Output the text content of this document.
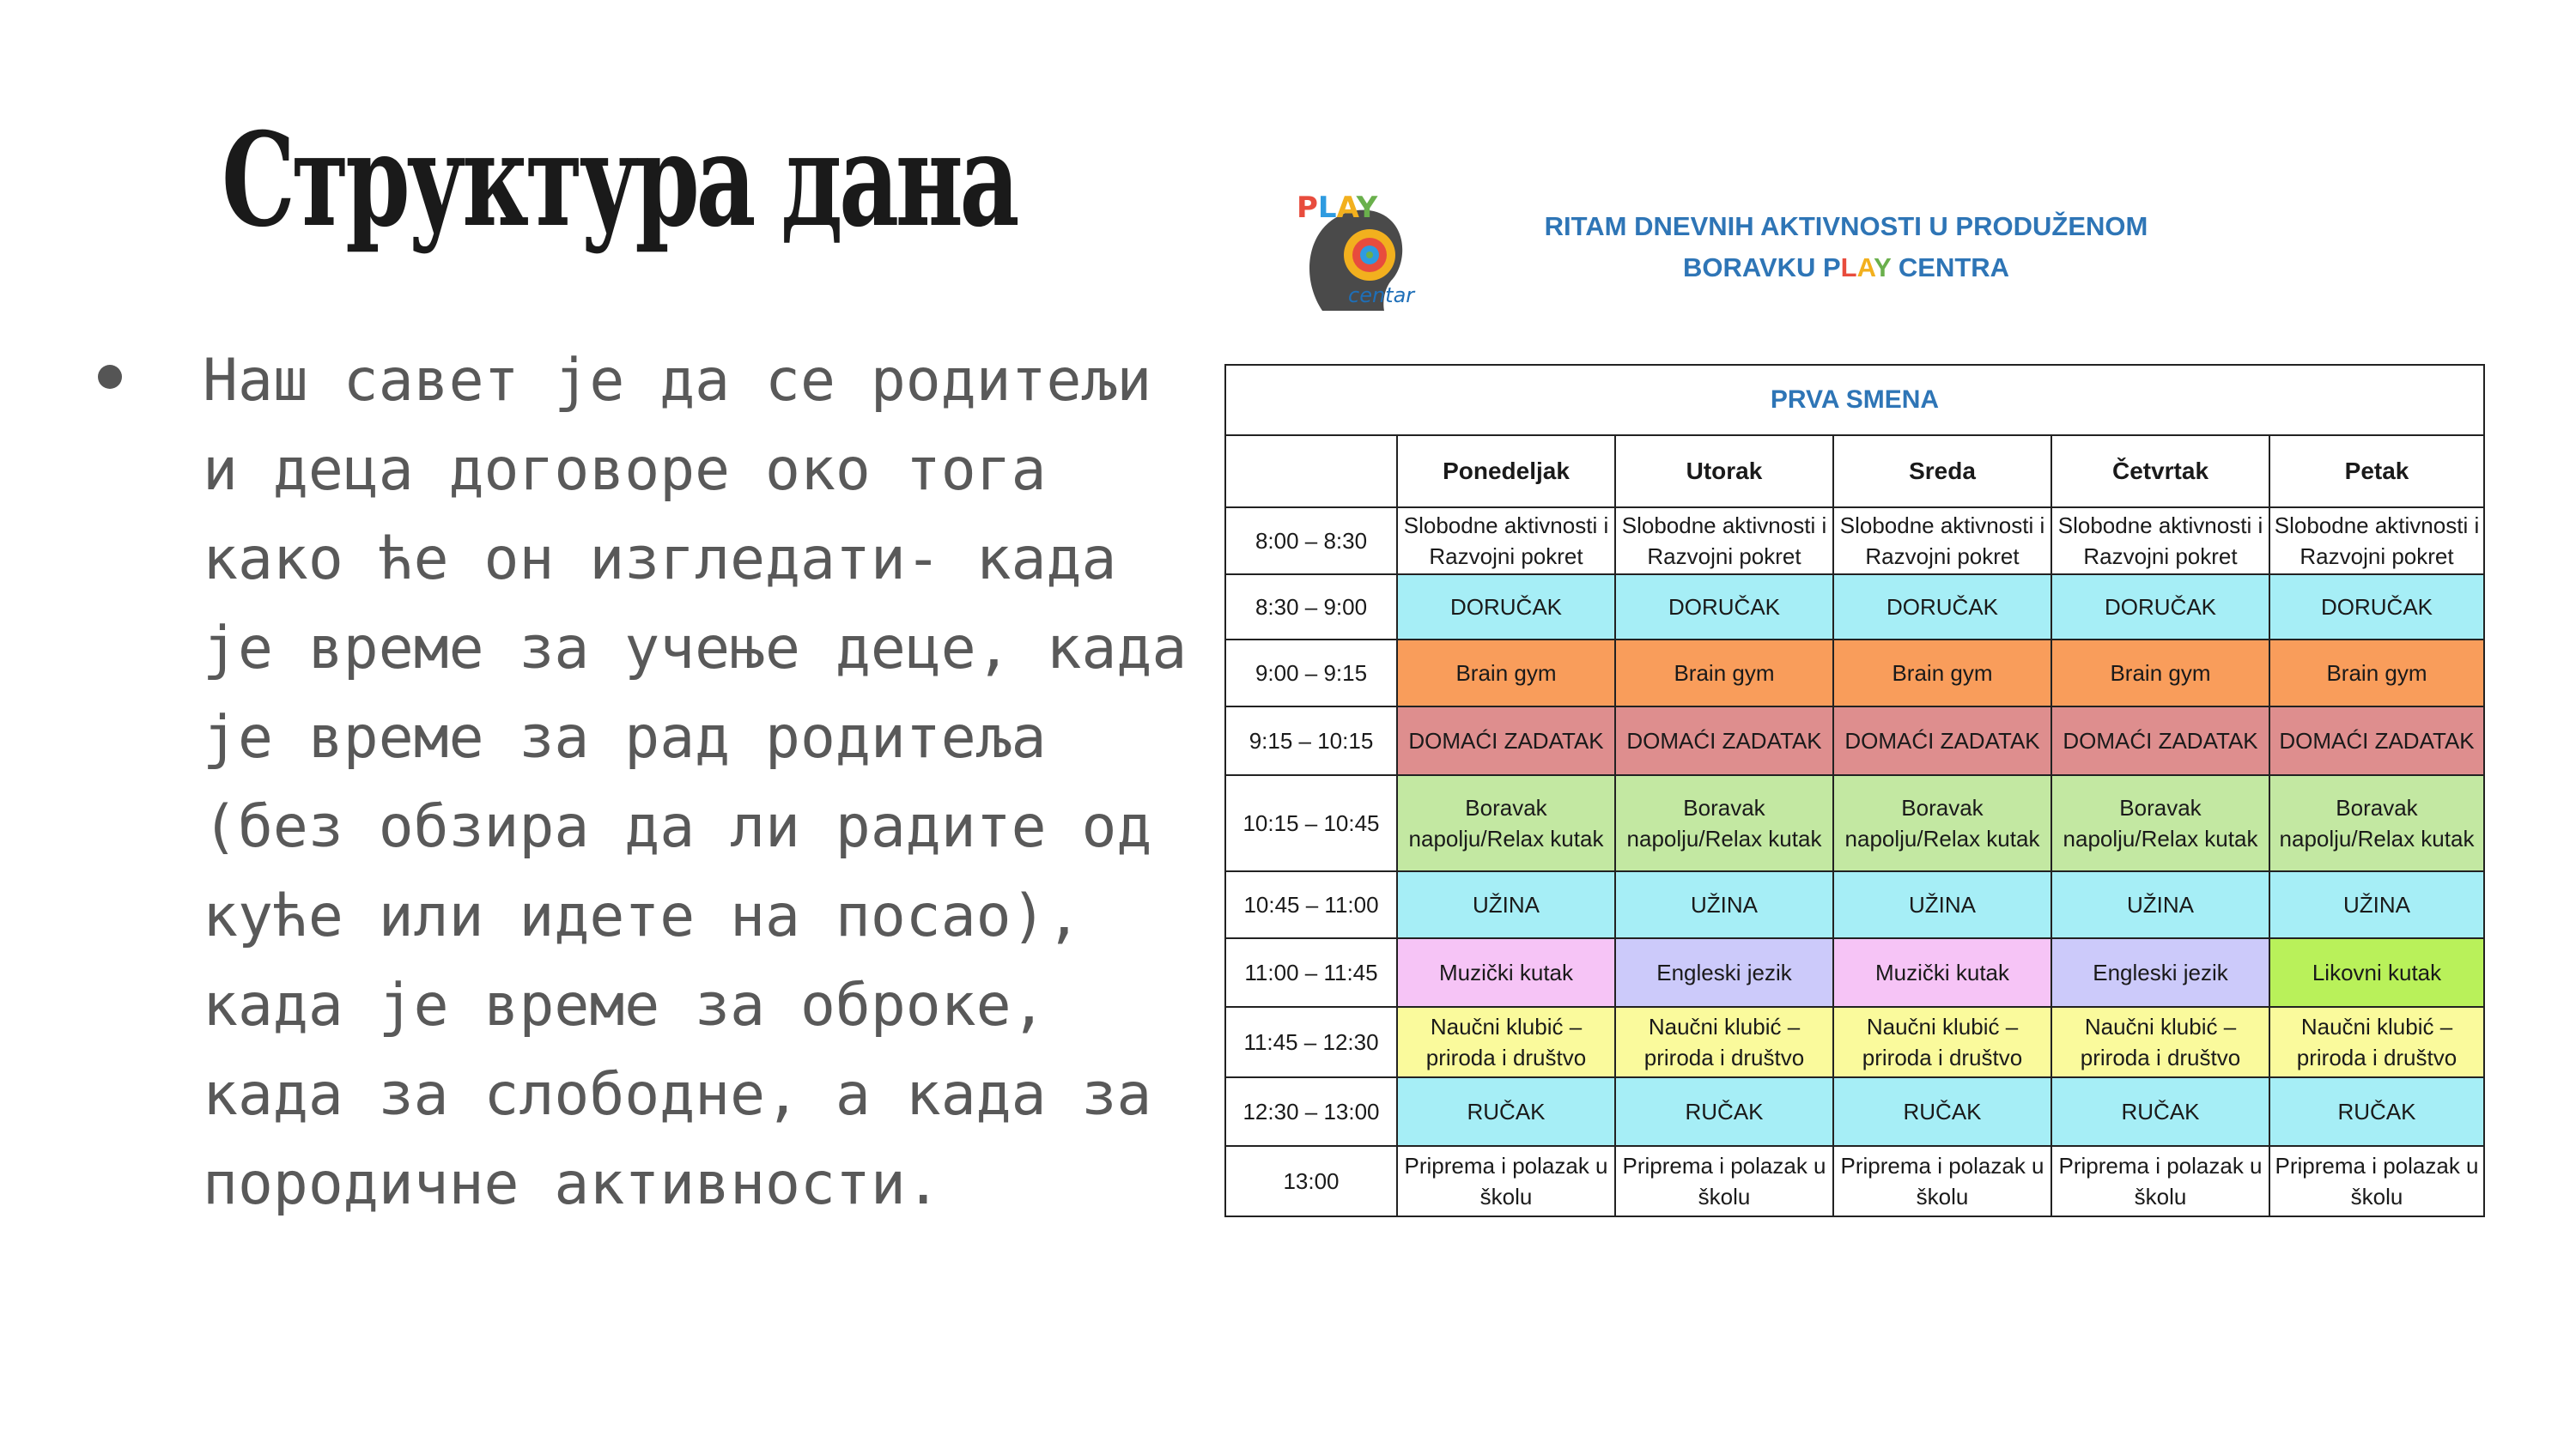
Структура дана
Наш савет је да се родитељи и деца договоре око тога како ће он изгледати- када је време за учење деце, када је време за рад родитеља (без обзира да ли радите од куће или идете на посао), када је време за оброке, када за слободне, а када за породичне активности.
PLAY
centar
RITAM DNEVNIH AKTIVNOSTI U PRODUŽENOM
BORAVKU PLAY CENTRA
PRVA SMENA					
	Ponedeljak	Utorak	Sreda	Četvrtak	Petak
8:00 – 8:30	Slobodne aktivnosti i Razvojni pokret	Slobodne aktivnosti i Razvojni pokret	Slobodne aktivnosti i Razvojni pokret	Slobodne aktivnosti i Razvojni pokret	Slobodne aktivnosti i Razvojni pokret
8:30 – 9:00	DORUČAK	DORUČAK	DORUČAK	DORUČAK	DORUČAK
9:00 – 9:15	Brain gym	Brain gym	Brain gym	Brain gym	Brain gym
9:15 – 10:15	DOMAĆI ZADATAK	DOMAĆI ZADATAK	DOMAĆI ZADATAK	DOMAĆI ZADATAK	DOMAĆI ZADATAK
10:15 – 10:45	Boravak napolju/Relax kutak	Boravak napolju/Relax kutak	Boravak napolju/Relax kutak	Boravak napolju/Relax kutak	Boravak napolju/Relax kutak
10:45 – 11:00	UŽINA	UŽINA	UŽINA	UŽINA	UŽINA
11:00 – 11:45	Muzički kutak	Engleski jezik	Muzički kutak	Engleski jezik	Likovni kutak
11:45 – 12:30	Naučni klubić – priroda i društvo	Naučni klubić – priroda i društvo	Naučni klubić – priroda i društvo	Naučni klubić – priroda i društvo	Naučni klubić – priroda i društvo
12:30 – 13:00	RUČAK	RUČAK	RUČAK	RUČAK	RUČAK
13:00	Priprema i polazak u školu	Priprema i polazak u školu	Priprema i polazak u školu	Priprema i polazak u školu	Priprema i polazak u školu
